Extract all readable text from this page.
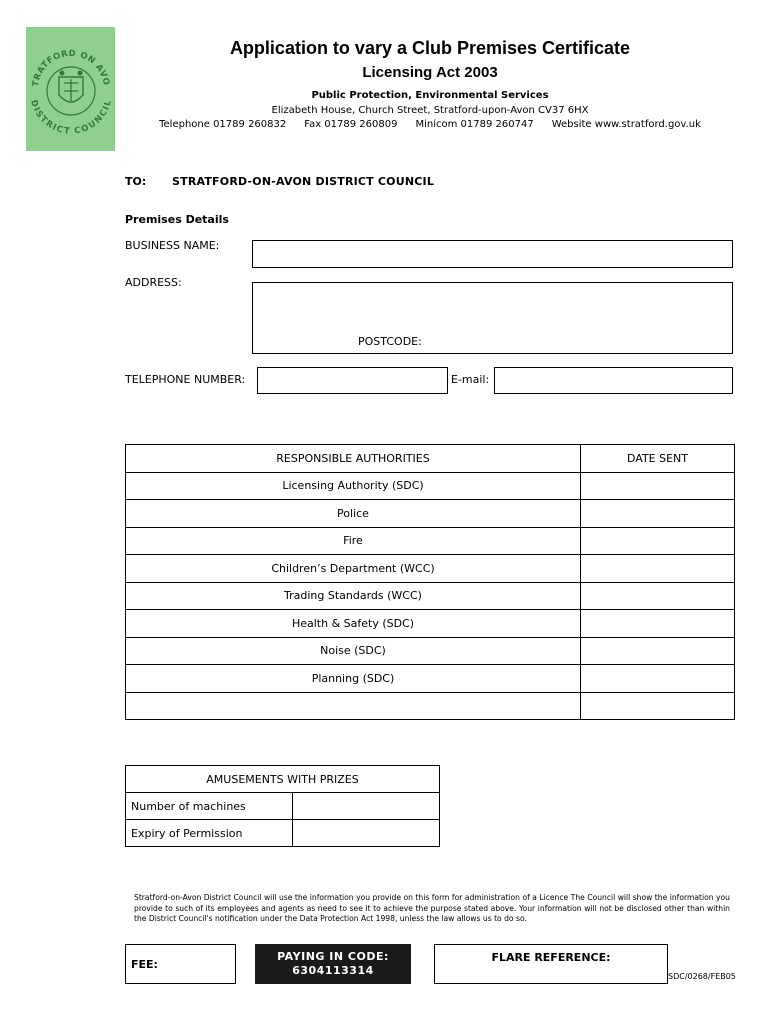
TRATFORD ON AVO
DISTRICT COUNCIL
Application to vary a Club Premises Certificate
Licensing Act 2003
Public Protection, Environmental Services
Elizabeth House, Church Street, Stratford-upon-Avon CV37 6HX
Telephone 01789 260832 Fax 01789 260809 Minicom 01789 260747 Website www.stratford.gov.uk
TO: STRATFORD-ON-AVON DISTRICT COUNCIL
Premises Details
BUSINESS NAME:
ADDRESS:
POSTCODE:
TELEPHONE NUMBER:	E-mail:
RESPONSIBLE AUTHORITIES	DATE SENT
Licensing Authority (SDC)	
Police	
Fire	
Children’s Department (WCC)	
Trading Standards (WCC)	
Health & Safety (SDC)	
Noise (SDC)	
Planning (SDC)	

AMUSEMENTS WITH PRIZES	
Number of machines	
Expiry of Permission	
Stratford-on-Avon District Council will use the information you provide on this form for administration of a Licence The Council will show the information you provide to such of its employees and agents as need to see it to achieve the purpose stated above. Your information will not be disclosed other than within the District Council's notification under the Data Protection Act 1998, unless the law allows us to do so.
FEE:
PAYING IN CODE:
6304113314
FLARE REFERENCE:
SDC/0268/FEB05
